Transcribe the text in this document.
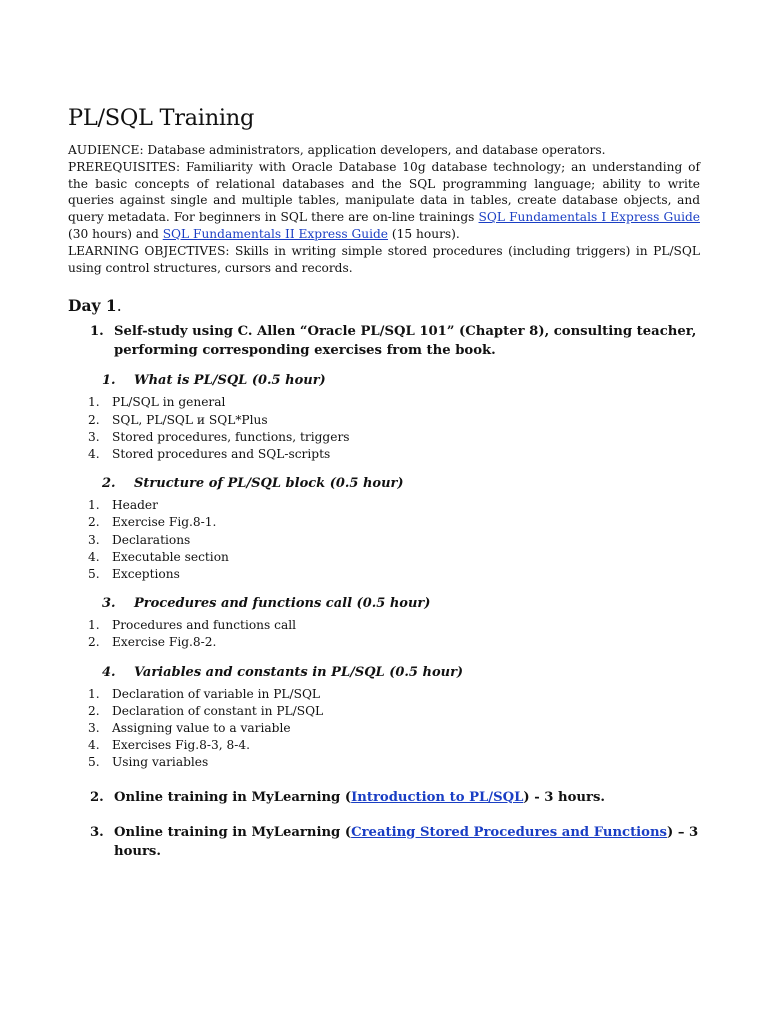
PL/SQL Training

AUDIENCE: Database administrators, application developers, and database operators.

PREREQUISITES: Familiarity with Oracle Database 10g database technology; an understanding of the basic concepts of relational databases and the SQL programming language; ability to write queries against single and multiple tables, manipulate data in tables, create database objects, and query metadata. For beginners in SQL there are on-line trainings SQL Fundamentals I Express Guide (30 hours) and SQL Fundamentals II Express Guide (15 hours).

LEARNING OBJECTIVES: Skills in writing simple stored procedures (including triggers) in PL/SQL using control structures, cursors and records.

Day 1.
1. Self-study using C. Allen “Oracle PL/SQL 101” (Chapter 8), consulting teacher, performing corresponding exercises from the book.
1.	What is PL/SQL (0.5 hour)
1.	PL/SQL in general
2.	SQL, PL/SQL и SQL*Plus
3.	Stored procedures, functions, triggers
4.	Stored procedures and SQL-scripts
2.	Structure of PL/SQL block (0.5 hour)
1.	Header
2.	Exercise Fig.8-1.
3.	Declarations
4.	Executable section
5.	Exceptions
3.	Procedures and functions call (0.5 hour)
1.	Procedures and functions call
2.	Exercise Fig.8-2.
4.	Variables and constants in PL/SQL (0.5 hour)
1.	Declaration of variable in PL/SQL
2.	Declaration of constant in PL/SQL
3.	Assigning value to a variable
4.	Exercises Fig.8-3, 8-4.
5.	Using variables
2. Online training in MyLearning (Introduction to PL/SQL) - 3 hours.
3. Online training in MyLearning (Creating Stored Procedures and Functions) – 3 hours.
